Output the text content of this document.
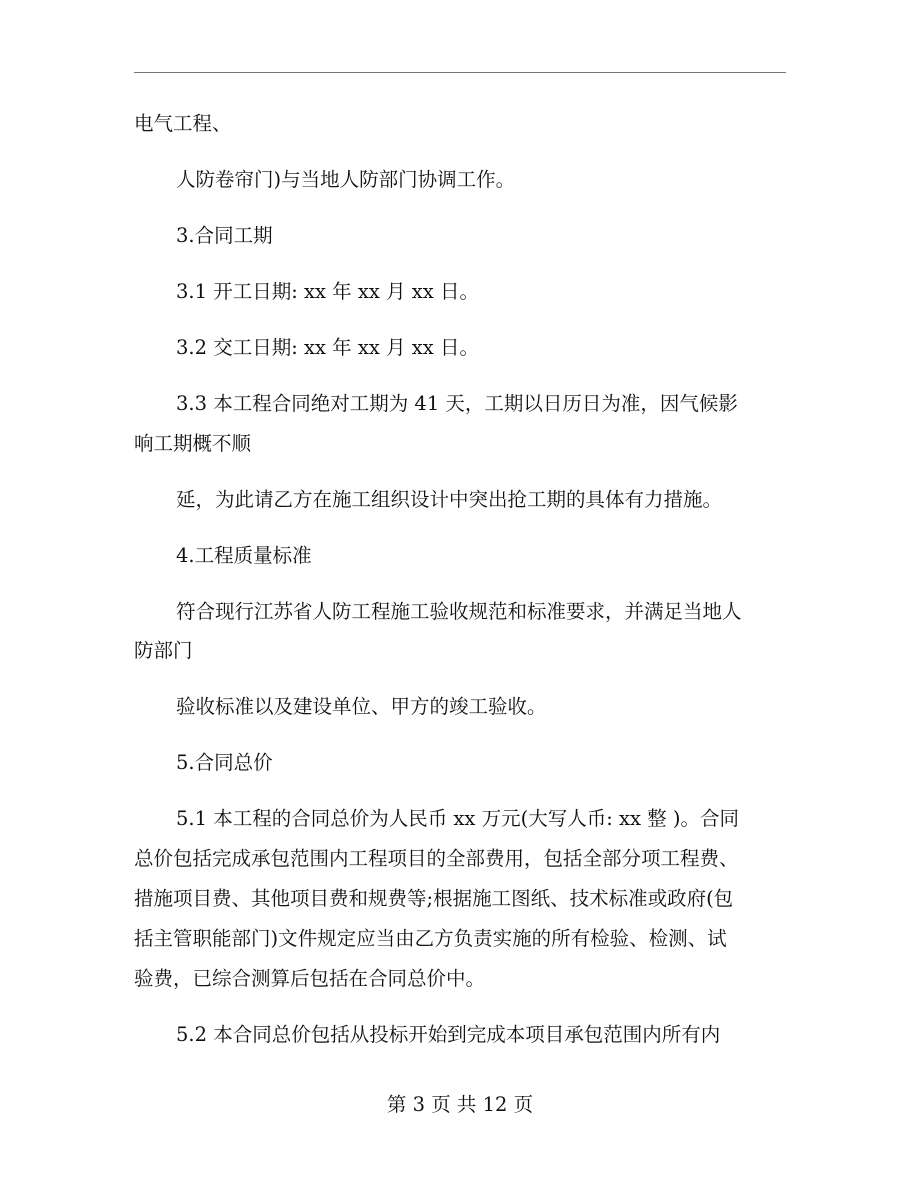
电气工程、
人防卷帘门)与当地人防部门协调工作。
3.合同工期
3.1 开工日期: xx 年 xx 月 xx 日。
3.2 交工日期: xx 年 xx 月 xx 日。
3.3 本工程合同绝对工期为 41 天，工期以日历日为准，因气候影
响工期概不顺
延，为此请乙方在施工组织设计中突出抢工期的具体有力措施。
4.工程质量标准
符合现行江苏省人防工程施工验收规范和标准要求，并满足当地人
防部门
验收标准以及建设单位、甲方的竣工验收。
5.合同总价
5.1 本工程的合同总价为人民币 xx 万元(大写人币: xx 整 )。合同
总价包括完成承包范围内工程项目的全部费用，包括全部分项工程费、
措施项目费、其他项目费和规费等;根据施工图纸、技术标准或政府(包
括主管职能部门)文件规定应当由乙方负责实施的所有检验、检测、试
验费，已综合测算后包括在合同总价中。
5.2 本合同总价包括从投标开始到完成本项目承包范围内所有内
第 3 页 共 12 页
